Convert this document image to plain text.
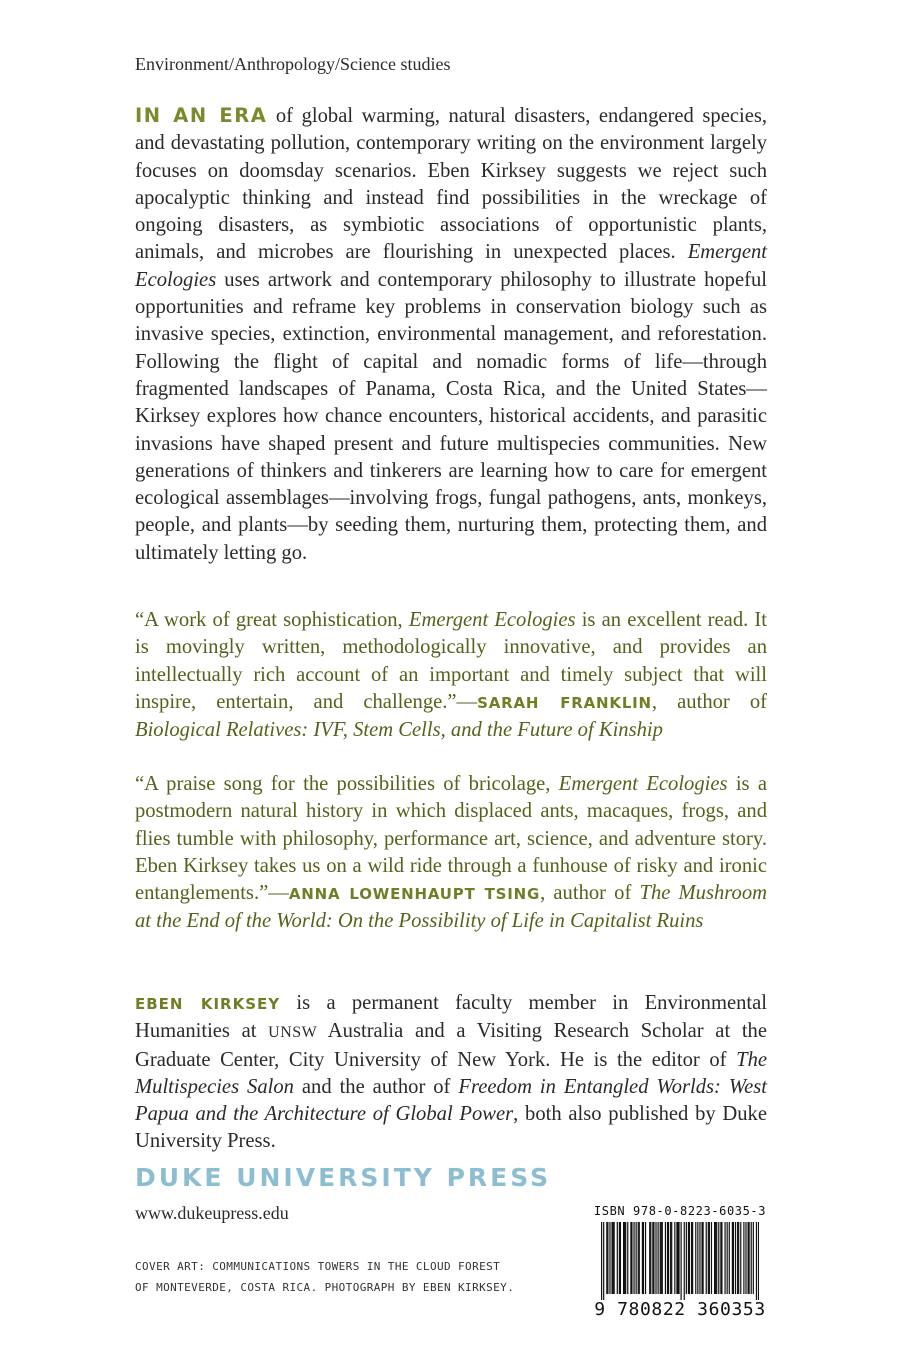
Environment/Anthropology/Science studies

IN AN ERA of global warming, natural disasters, endangered species, and devastating pollution, contemporary writing on the environment largely focuses on doomsday scenarios. Eben Kirksey suggests we reject such apocalyptic thinking and instead find possibilities in the wreckage of ongoing disasters, as symbiotic associations of opportunistic plants, animals, and microbes are flourishing in unexpected places. Emergent Ecologies uses artwork and contemporary philosophy to illustrate hopeful opportunities and reframe key problems in conservation biology such as invasive species, extinction, environmental management, and reforestation. Following the flight of capital and nomadic forms of life—through fragmented landscapes of Panama, Costa Rica, and the United States—Kirksey explores how chance encounters, historical accidents, and parasitic invasions have shaped present and future multispecies communities. New generations of thinkers and tinkerers are learning how to care for emergent ecological assemblages—involving frogs, fungal pathogens, ants, monkeys, people, and plants—by seeding them, nurturing them, protecting them, and ultimately letting go.

“A work of great sophistication, Emergent Ecologies is an excellent read. It is movingly written, methodologically innovative, and provides an intellectually rich account of an important and timely subject that will inspire, entertain, and challenge.”—SARAH FRANKLIN, author of Biological Relatives: IVF, Stem Cells, and the Future of Kinship

“A praise song for the possibilities of bricolage, Emergent Ecologies is a postmodern natural history in which displaced ants, macaques, frogs, and flies tumble with philosophy, performance art, science, and adventure story. Eben Kirksey takes us on a wild ride through a funhouse of risky and ironic entanglements.”—ANNA LOWENHAUPT TSING, author of The Mushroom at the End of the World: On the Possibility of Life in Capitalist Ruins

EBEN KIRKSEY is a permanent faculty member in Environmental Humanities at UNSW Australia and a Visiting Research Scholar at the Graduate Center, City University of New York. He is the editor of The Multispecies Salon and the author of Freedom in Entangled Worlds: West Papua and the Architecture of Global Power, both also published by Duke University Press.

DUKE UNIVERSITY PRESS
www.dukeupress.edu
COVER ART: COMMUNICATIONS TOWERS IN THE CLOUD FOREST
OF MONTEVERDE, COSTA RICA. PHOTOGRAPH BY EBEN KIRKSEY.
ISBN 978-0-8223-6035-3
9 780822 360353
